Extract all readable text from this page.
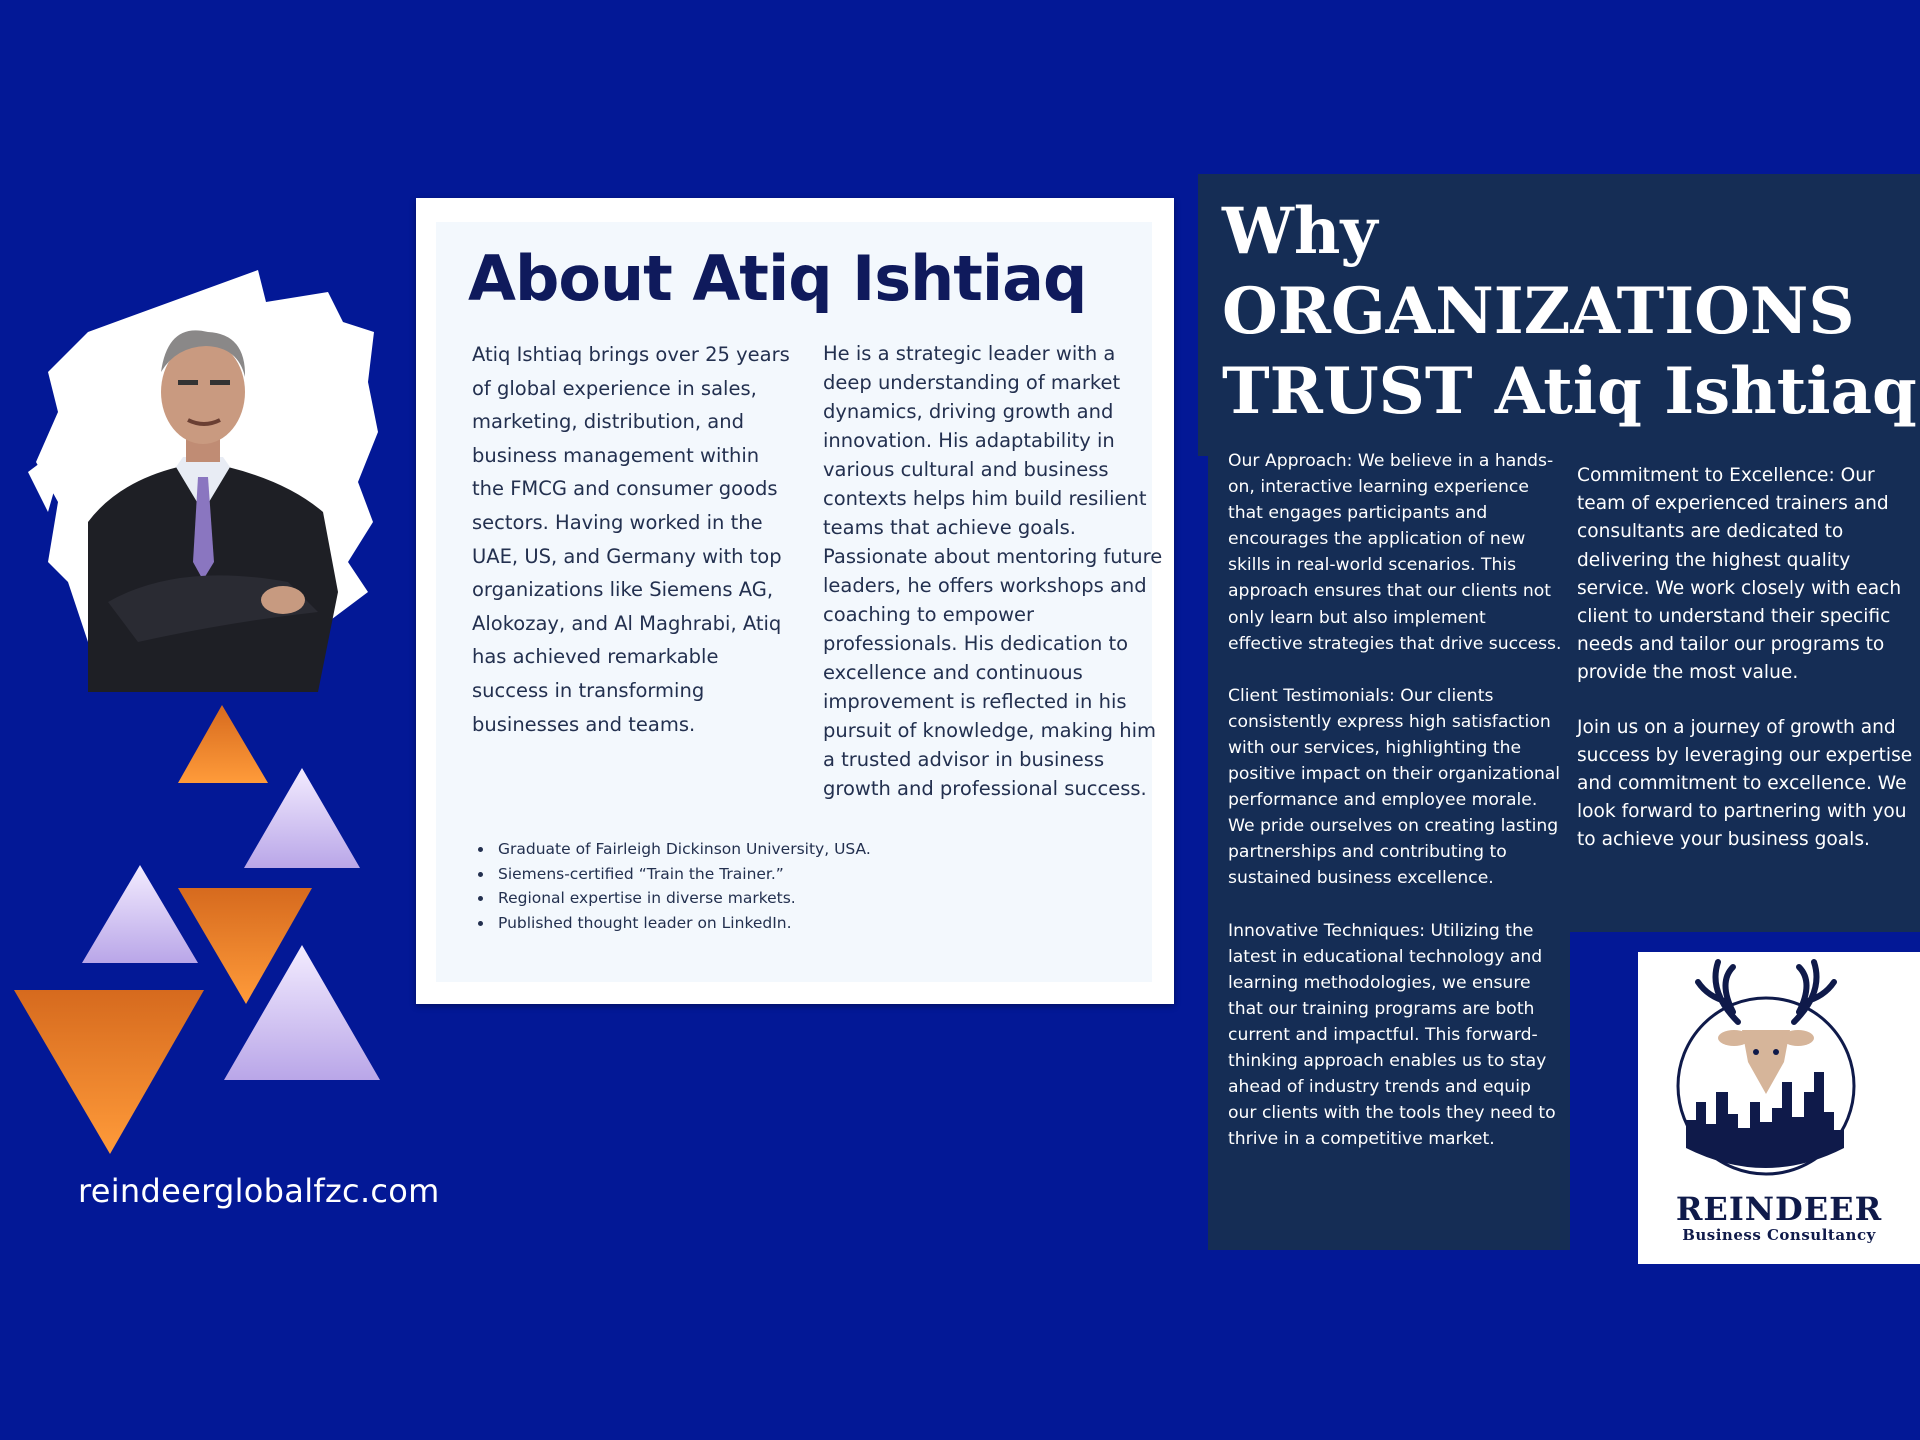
reindeerglobalfzc.com
About Atiq Ishtiaq

Atiq Ishtiaq brings over 25 years of global experience in sales, marketing, distribution, and business management within the FMCG and consumer goods sectors. Having worked in the UAE, US, and Germany with top organizations like Siemens AG, Alokozay, and Al Maghrabi, Atiq has achieved remarkable success in transforming businesses and teams.

He is a strategic leader with a deep understanding of market dynamics, driving growth and innovation. His adaptability in various cultural and business contexts helps him build resilient teams that achieve goals. Passionate about mentoring future leaders, he offers workshops and coaching to empower professionals. His dedication to excellence and continuous improvement is reflected in his pursuit of knowledge, making him a trusted advisor in business growth and professional success.

• Graduate of Fairleigh Dickinson University, USA.
• Siemens-certified “Train the Trainer.”
• Regional expertise in diverse markets.
• Published thought leader on LinkedIn.
Why
ORGANIZATIONS
TRUST Atiq Ishtiaq

Our Approach: We believe in a hands-on, interactive learning experience that engages participants and encourages the application of new skills in real-world scenarios. This approach ensures that our clients not only learn but also implement effective strategies that drive success.

Client Testimonials: Our clients consistently express high satisfaction with our services, highlighting the positive impact on their organizational performance and employee morale. We pride ourselves on creating lasting partnerships and contributing to sustained business excellence.

Innovative Techniques: Utilizing the latest in educational technology and learning methodologies, we ensure that our training programs are both current and impactful. This forward-thinking approach enables us to stay ahead of industry trends and equip our clients with the tools they need to thrive in a competitive market.

Commitment to Excellence: Our team of experienced trainers and consultants are dedicated to delivering the highest quality service. We work closely with each client to understand their specific needs and tailor our programs to provide the most value.

Join us on a journey of growth and success by leveraging our expertise and commitment to excellence. We look forward to partnering with you to achieve your business goals.

REINDEER

Business Consultancy
